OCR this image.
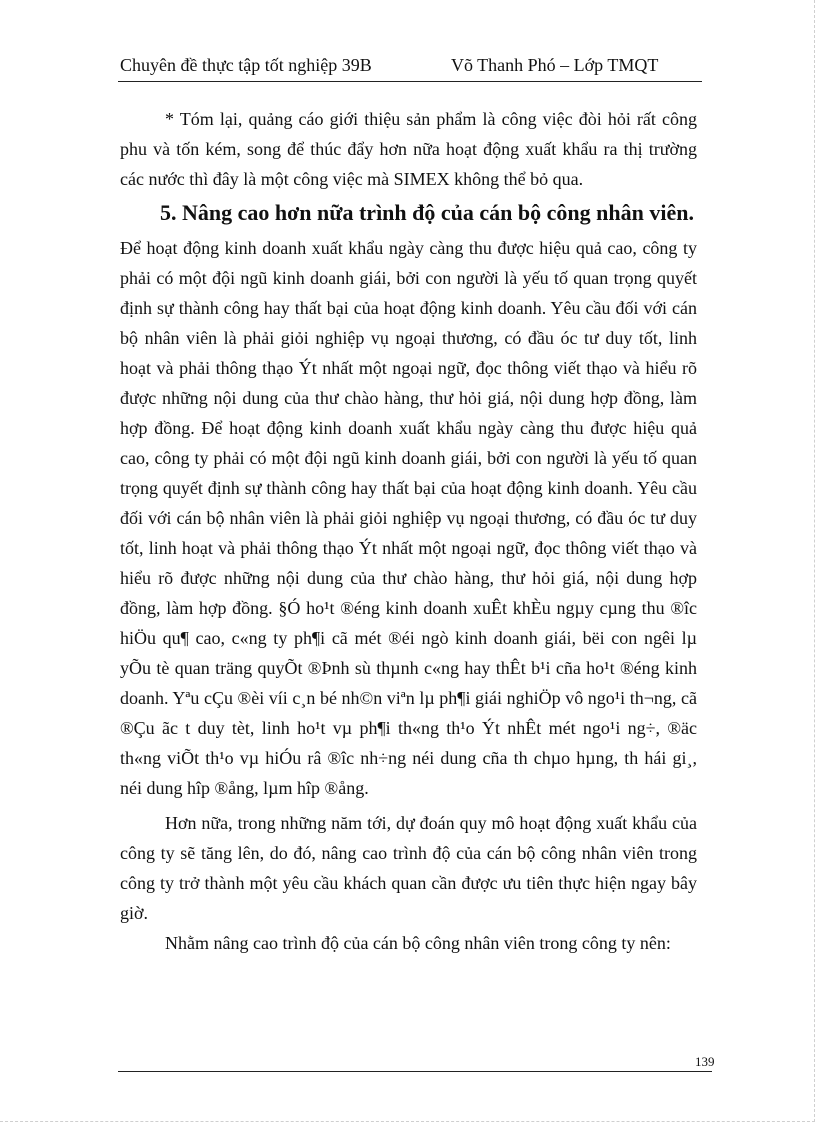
Chuyên đề thực tập tốt nghiệp 39B	Võ Thanh Phó – Lớp TMQT
* Tóm lại, quảng cáo giới thiệu sản phẩm là công việc đòi hỏi rất công phu và tốn kém, song để thúc đẩy hơn nữa hoạt động xuất khẩu ra thị trường các nước thì đây là một công việc mà SIMEX không thể bỏ qua.
5. Nâng cao hơn nữa trình độ của cán bộ công nhân viên.
Để hoạt động kinh doanh xuất khẩu ngày càng thu được hiệu quả cao, công ty phải có một đội ngũ kinh doanh giái, bởi con người là yếu tố quan trọng quyết định sự thành công hay thất bại của hoạt động kinh doanh. Yêu cầu đối với cán bộ nhân viên là phải giỏi nghiệp vụ ngoại thương, có đầu óc tư duy tốt, linh hoạt và phải thông thạo Ýt nhất một ngoại ngữ, đọc thông viết thạo và hiểu rõ được những nội dung của thư chào hàng, thư hỏi giá, nội dung hợp đồng, làm hợp đồng. Để hoạt động kinh doanh xuất khẩu ngày càng thu được hiệu quả cao, công ty phải có một đội ngũ kinh doanh giái, bởi con người là yếu tố quan trọng quyết định sự thành công hay thất bại của hoạt động kinh doanh. Yêu cầu đối với cán bộ nhân viên là phải giỏi nghiệp vụ ngoại thương, có đầu óc tư duy tốt, linh hoạt và phải thông thạo Ýt nhất một ngoại ngữ, đọc thông viết thạo và hiểu rõ được những nội dung của thư chào hàng, thư hỏi giá, nội dung hợp đồng, làm hợp đồng. §Ó ho¹t ®éng kinh doanh xuÊt khÈu ngµy cµng thu ®îc hiÖu qu¶ cao, c«ng ty ph¶i cã mét ®éi ngò kinh doanh giái, bëi con ngêi lµ yÕu tè quan träng quyÕt ®Þnh sù thµnh c«ng hay thÊt b¹i cña ho¹t ®éng kinh doanh. Yªu cÇu ®èi víi c¸n bé nh©n viªn lµ ph¶i giái nghiÖp vô ngo¹i th¬ng, cã ®Çu ãc t duy tèt, linh ho¹t vµ ph¶i th«ng th¹o Ýt nhÊt mét ngo¹i ng÷, ®äc th«ng viÕt th¹o vµ hiÓu râ ®îc nh÷ng néi dung cña th chµo hµng, th hái gi¸, néi dung hîp ®ång, lµm hîp ®ång.
Hơn nữa, trong những năm tới, dự đoán quy mô hoạt động xuất khẩu của công ty sẽ tăng lên, do đó, nâng cao trình độ của cán bộ công nhân viên trong công ty trở thành một yêu cầu khách quan cần được ưu tiên thực hiện ngay bây giờ.
Nhằm nâng cao trình độ của cán bộ công nhân viên trong công ty nên:
139
